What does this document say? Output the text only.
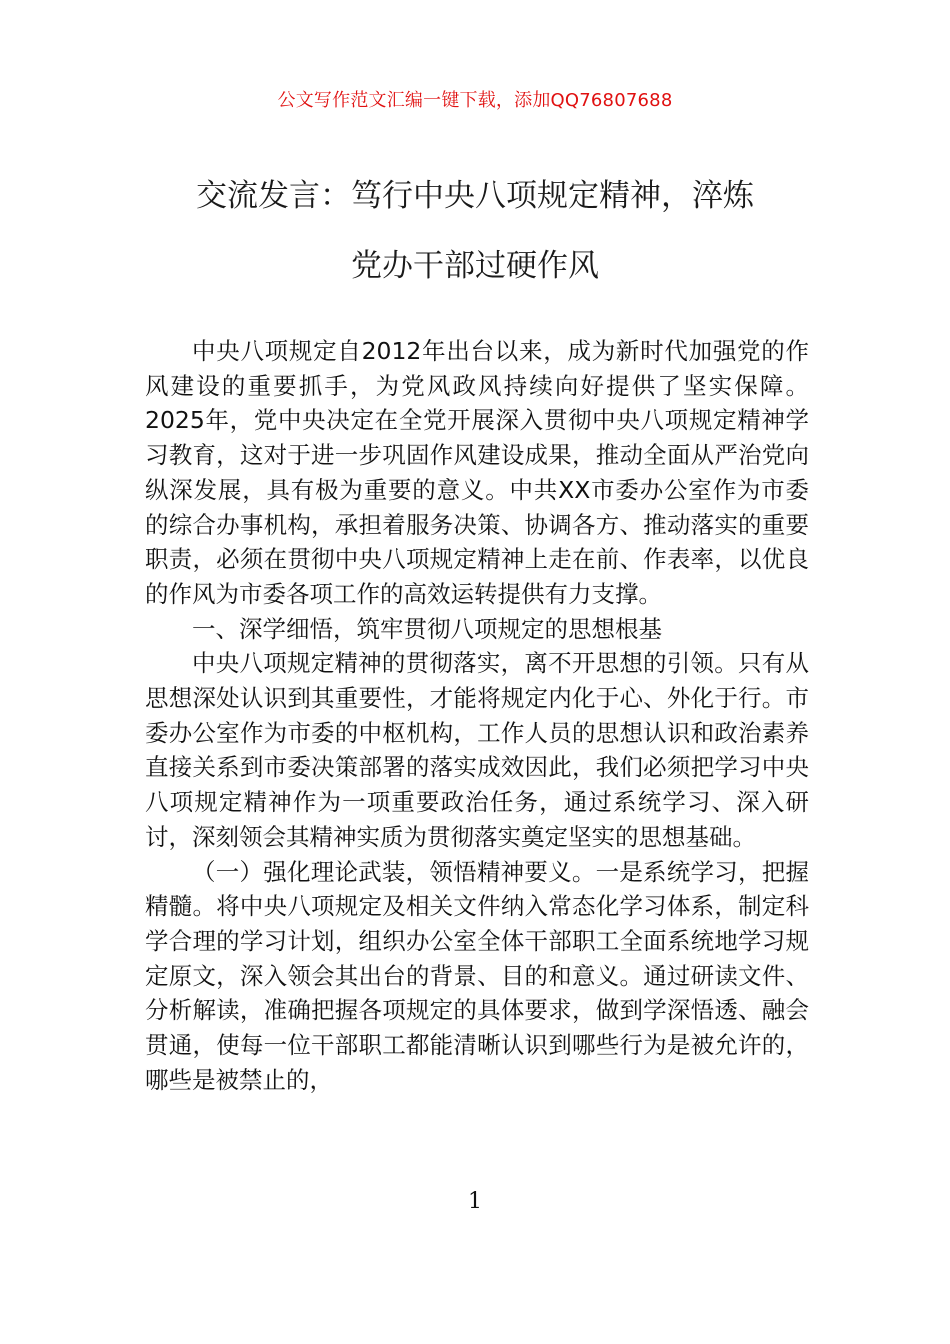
公文写作范文汇编一键下载，添加QQ76807688
交流发言：笃行中央八项规定精神，淬炼
党办干部过硬作风

中央八项规定自2012年出台以来，成为新时代加强党的作风建设的重要抓手，为党风政风持续向好提供了坚实保障。2025年，党中央决定在全党开展深入贯彻中央八项规定精神学习教育，这对于进一步巩固作风建设成果，推动全面从严治党向纵深发展，具有极为重要的意义。中共XX市委办公室作为市委的综合办事机构，承担着服务决策、协调各方、推动落实的重要职责，必须在贯彻中央八项规定精神上走在前、作表率，以优良的作风为市委各项工作的高效运转提供有力支撑。

一、深学细悟，筑牢贯彻八项规定的思想根基

中央八项规定精神的贯彻落实，离不开思想的引领。只有从思想深处认识到其重要性，才能将规定内化于心、外化于行。市委办公室作为市委的中枢机构，工作人员的思想认识和政治素养直接关系到市委决策部署的落实成效因此，我们必须把学习中央八项规定精神作为一项重要政治任务，通过系统学习、深入研讨，深刻领会其精神实质为贯彻落实奠定坚实的思想基础。

（一）强化理论武装，领悟精神要义。一是系统学习，把握精髓。将中央八项规定及相关文件纳入常态化学习体系，制定科学合理的学习计划，组织办公室全体干部职工全面系统地学习规定原文，深入领会其出台的背景、目的和意义。通过研读文件、分析解读，准确把握各项规定的具体要求，做到学深悟透、融会贯通，使每一位干部职工都能清晰认识到哪些行为是被允许的，哪些是被禁止的，

1
